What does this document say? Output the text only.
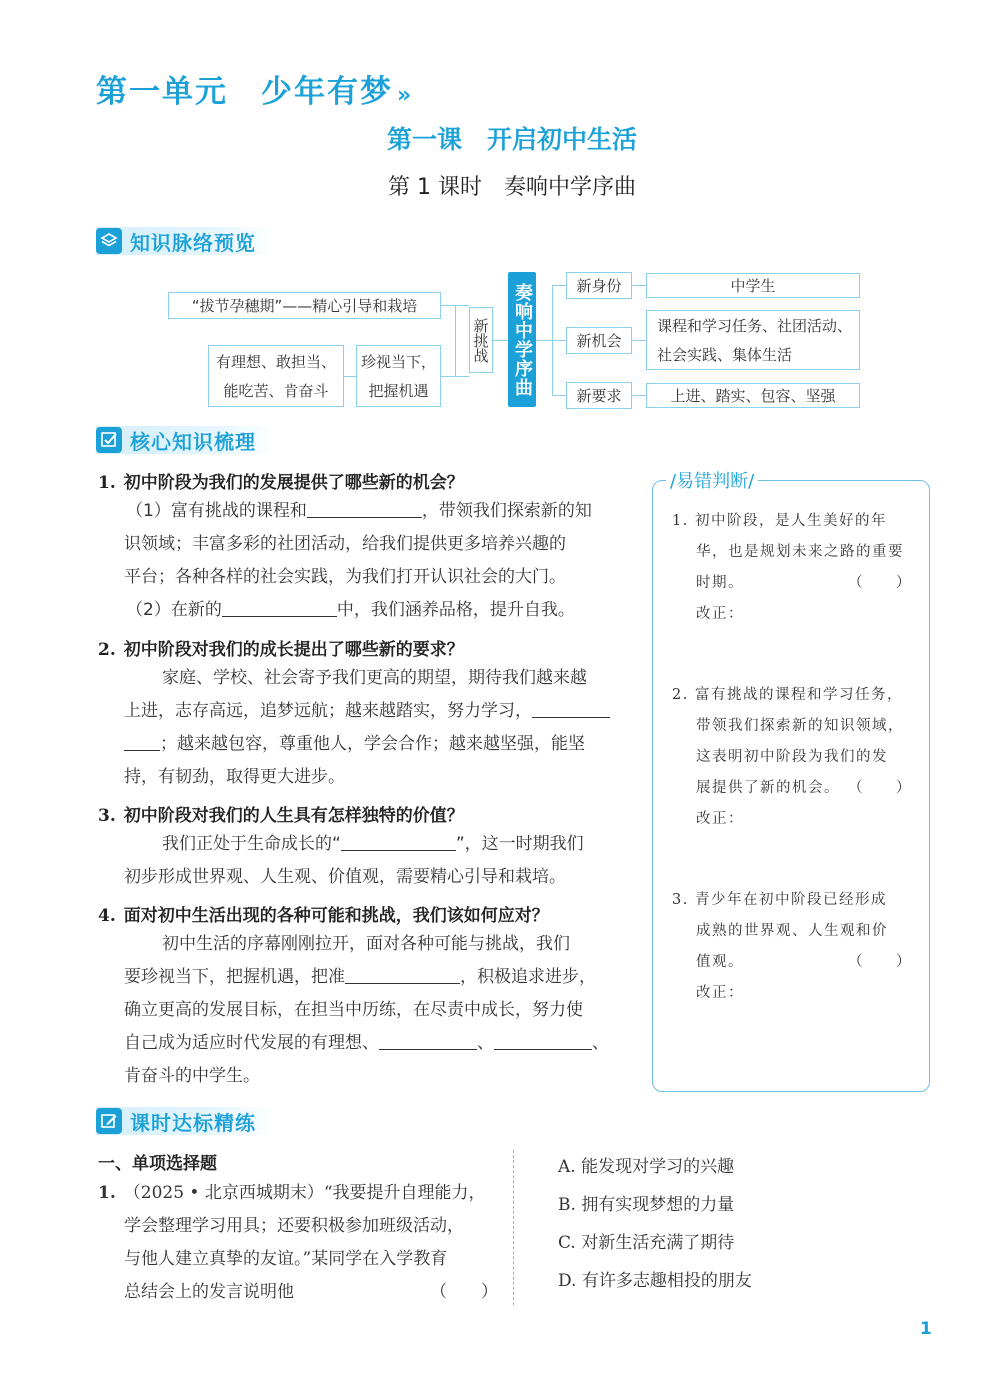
第一单元　少年有梦 »
第一课　开启初中生活
第 1 课时　奏响中学序曲
知识脉络预览
“拔节孕穗期”——精心引导和栽培
有理想、敢担当、
能吃苦、肯奋斗
珍视当下，
把握机遇
新挑战 奏响中学序曲	新身份	中学生
新机会
课程和学习任务、社团活动、
社会实践、集体生活
新要求	上进、踏实、包容、坚强
核心知识梳理
1. 初中阶段为我们的发展提供了哪些新的机会？
（1）富有挑战的课程和	，带领我们探索新的知
识领域；丰富多彩的社团活动，给我们提供更多培养兴趣的
平台；各种各样的社会实践，为我们打开认识社会的大门。
（2）在新的	中，我们涵养品格，提升自我。
2. 初中阶段对我们的成长提出了哪些新的要求？
家庭、学校、社会寄予我们更高的期望，期待我们越来越
上进，志存高远，追梦远航；越来越踏实，努力学习，
；越来越包容，尊重他人，学会合作；越来越坚强，能坚
持，有韧劲，取得更大进步。
3. 初中阶段对我们的人生具有怎样独特的价值？
我们正处于生命成长的“	”，这一时期我们
初步形成世界观、人生观、价值观，需要精心引导和栽培。
4. 面对初中生活出现的各种可能和挑战，我们该如何应对？
初中生活的序幕刚刚拉开，面对各种可能与挑战，我们
要珍视当下，把握机遇，把准	，积极追求进步，
确立更高的发展目标，在担当中历练，在尽责中成长，努力使
自己成为适应时代发展的有理想、	、	、
肯奋斗的中学生。
/易错判断/
1. 初中阶段，是人生美好的年
华，也是规划未来之路的重要
时期。	（　　）
改正：
2. 富有挑战的课程和学习任务，
带领我们探索新的知识领域，
这表明初中阶段为我们的发
展提供了新的机会。 （　　）
改正：
3. 青少年在初中阶段已经形成
成熟的世界观、人生观和价
值观。	（　　）
改正：
课时达标精练
一、单项选择题
1. （2025 • 北京西城期末）“我要提升自理能力，
学会整理学习用具；还要积极参加班级活动，
与他人建立真挚的友谊。”某同学在入学教育
总结会上的发言说明他	（　　）
A. 能发现对学习的兴趣
B. 拥有实现梦想的力量
C. 对新生活充满了期待
D. 有许多志趣相投的朋友
1
